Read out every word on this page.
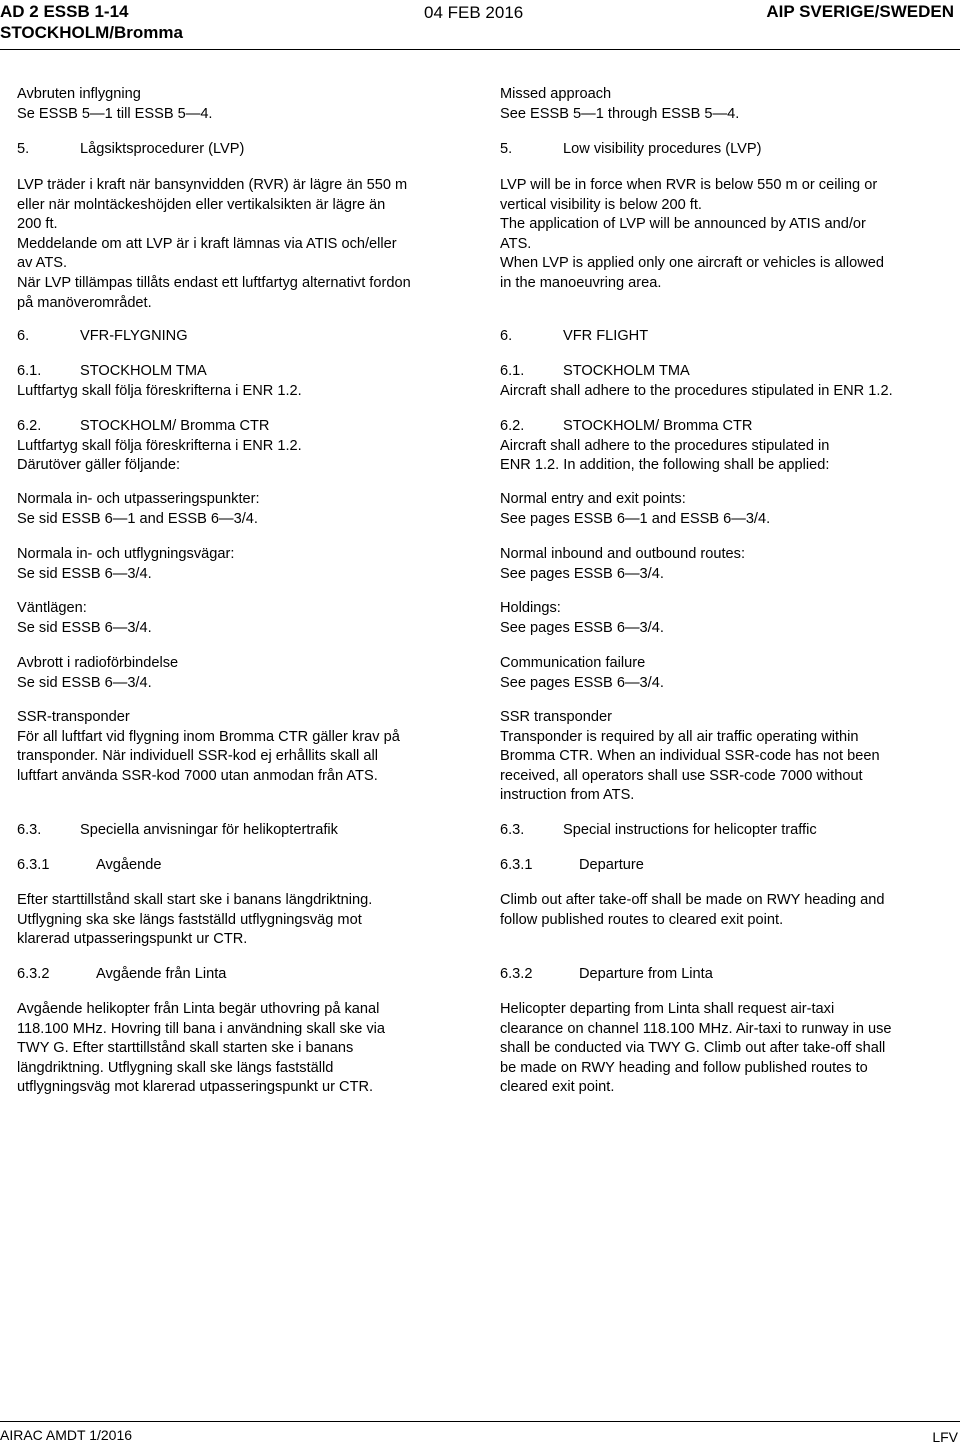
AD 2 ESSB 1-14
STOCKHOLM/Bromma
04 FEB 2016	AIP SVERIGE/SWEDEN
Avbruten inflygning
Se ESSB 5—1 till ESSB 5—4.
5.	Lågsiktsprocedurer (LVP)
LVP träder i kraft när bansynvidden (RVR) är lägre än 550 m
eller när molntäckeshöjden eller vertikalsikten är lägre än
200 ft.
Meddelande om att LVP är i kraft lämnas via ATIS och/eller
av ATS.
När LVP tillämpas tillåts endast ett luftfartyg alternativt fordon
på manöverområdet.
6.	VFR-FLYGNING
6.1.	STOCKHOLM TMA
Luftfartyg skall följa föreskrifterna i ENR 1.2.
6.2.	STOCKHOLM/ Bromma CTR
Luftfartyg skall följa föreskrifterna i ENR 1.2.
Därutöver gäller följande:
Normala in- och utpasseringspunkter:
Se sid ESSB 6—1 and ESSB 6—3/4.
Normala in- och utflygningsvägar:
Se sid ESSB 6—3/4.
Väntlägen:
Se sid ESSB 6—3/4.
Avbrott i radioförbindelse
Se sid ESSB 6—3/4.
SSR-transponder
För all luftfart vid flygning inom Bromma CTR gäller krav på
transponder. När individuell SSR-kod ej erhållits skall all
luftfart använda SSR-kod 7000 utan anmodan från ATS.
6.3.	Speciella anvisningar för helikoptertrafik
6.3.1	Avgående
Efter starttillstånd skall start ske i banans längdriktning.
Utflygning ska ske längs fastställd utflygningsväg mot
klarerad utpasseringspunkt ur CTR.
6.3.2	Avgående från Linta
Avgående helikopter från Linta begär uthovring på kanal
118.100 MHz. Hovring till bana i användning skall ske via
TWY G. Efter starttillstånd skall starten ske i banans
längdriktning. Utflygning skall ske längs fastställd
utflygningsväg mot klarerad utpasseringspunkt ur CTR.
Missed approach
See ESSB 5—1 through ESSB 5—4.
5.	Low visibility procedures (LVP)
LVP will be in force when RVR is below 550 m or ceiling or
vertical visibility is below 200 ft.
The application of LVP will be announced by ATIS and/or
ATS.
When LVP is applied only one aircraft or vehicles is allowed
in the manoeuvring area.
6.	VFR FLIGHT
6.1.	STOCKHOLM TMA
Aircraft shall adhere to the procedures stipulated in ENR 1.2.
6.2.	STOCKHOLM/ Bromma CTR
Aircraft shall adhere to the procedures stipulated in
ENR 1.2. In addition, the following shall be applied:
Normal entry and exit points:
See pages ESSB 6—1 and ESSB 6—3/4.
Normal inbound and outbound routes:
See pages ESSB 6—3/4.
Holdings:
See pages ESSB 6—3/4.
Communication failure
See pages ESSB 6—3/4.
SSR transponder
Transponder is required by all air traffic operating within
Bromma CTR. When an individual SSR-code has not been
received, all operators shall use SSR-code 7000 without
instruction from ATS.
6.3.	Special instructions for helicopter traffic
6.3.1	Departure
Climb out after take-off shall be made on RWY heading and
follow published routes to cleared exit point.
6.3.2	Departure from Linta
Helicopter departing from Linta shall request air-taxi
clearance on channel 118.100 MHz. Air-taxi to runway in use
shall be conducted via TWY G. Climb out after take-off shall
be made on RWY heading and follow published routes to
cleared exit point.
AIRAC AMDT 1/2016	LFV
